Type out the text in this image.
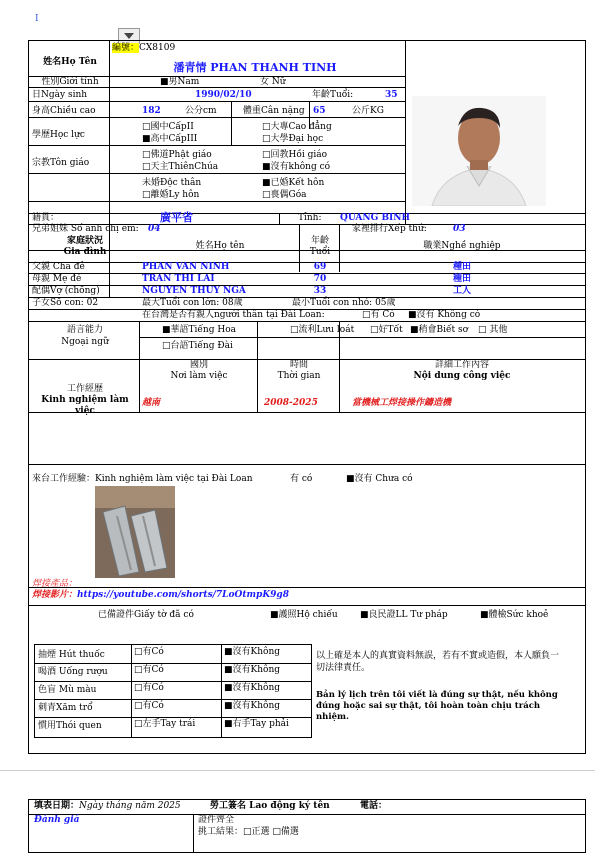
I
編號：CX8109
姓名Họ Tên	潘青情 PHAN THANH TINH
性別Giới tính	■男Nam	女 Nữ
日Ngày sinh	1990/02/10	年齡Tuổi:	35
身高Chiều cao	182	公分cm	體重Cân nặng 65	公斤KG
學歷Học lực
□國中CấpII
■高中CấpIII
□大專Cao đẳng
□大學Đại học
宗教Tôn giáo
□佛道Phật giáo
□天主ThiênChúa
□回教Hồi giáo
■沒有không có
未婚Độc thân
□離婚Ly hôn
■已婚Kết hôn
□喪偶Góa
籍貫：	廣平省	Tỉnh: QUANG BINH
兄弟姐妹 Số anh chị em: 04	家裡排行Xếp thứ:	03
家庭狀況
Gia đình
姓名Họ tên	年齡
Tuổi
職業Nghề nghiệp
父親 Cha đẻ	PHAN VAN NINH	69	種田
母親 Mẹ đẻ	TRAN THI LAI	70	種田
配偶Vợ (chồng)	NGUYEN THUY NGA	33	工人
子女Số con: 02	最大Tuổi con lớn: 08歲	最小Tuổi con nhỏ: 05歲
在台灣是否有親人người thân tại Đài Loan:	□有 Có ■沒有 Không có
語言能力
Ngoại ngữ
■華語Tiếng Hoa	□流利Lưu loát □好Tốt ■稍會Biết sơ □ 其他
□台語Tiếng Đài
工作經歷
Kinh nghiệm làm
việc
國別
Nơi làm việc
時間
Thời gian
詳細工作內容
Nội dung công việc
越南	2008-2025	當機械工焊接操作鑄造機
來台工作經驗：Kinh nghiệm làm việc tại Đài Loan	有 có	■沒有 Chưa có
焊接產品：
焊接影片：https://youtube.com/shorts/7LoOtmpK9g8
已備證件Giấy tờ đã có	■護照Hộ chiếu ■良民證LL Tư pháp	■體檢Sức khoẻ
抽煙 Hút thuốc	□有Có	■沒有Không
喝酒 Uống rượu	□有Có	■沒有Không
色盲 Mù màu	□有Có	■沒有Không
刺青Xăm trổ	□有Có	■沒有Không
慣用Thói quen	□左手Tay trái	■右手Tay phải
以上確是本人的真實資料無誤，若有不實或造假，本人願負一切法律責任。
Bản lý lịch trên tôi viết là đúng sự thật, nếu không đúng hoặc sai sự thật, tôi hoàn toàn chịu trách nhiệm.
填表日期：Ngày tháng năm 2025	勞工簽名 Lao động ký tên	電話：
Đánh giá	證件齊全
挑工結果：□正選 □備選
